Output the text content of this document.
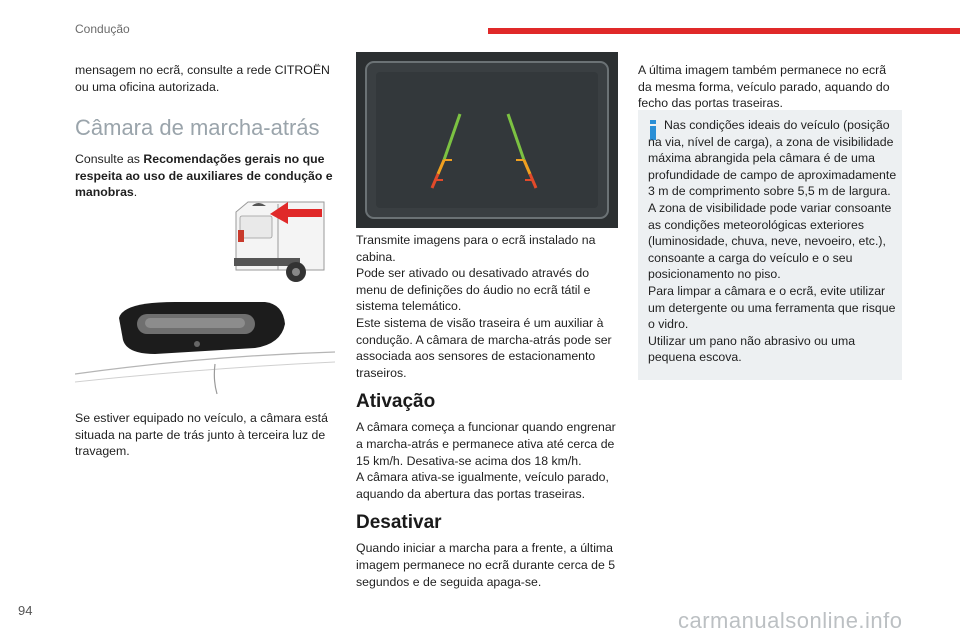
Condução

mensagem no ecrã, consulte a rede CITROËN ou uma oficina autorizada.

Câmara de marcha-atrás

Consulte as Recomendações gerais no que respeita ao uso de auxiliares de condução e manobras.

Se estiver equipado no veículo, a câmara está situada na parte de trás junto à terceira luz de travagem.

Transmite imagens para o ecrã instalado na cabina.

Pode ser ativado ou desativado através do menu de definições do áudio no ecrã tátil e sistema telemático.

Este sistema de visão traseira é um auxiliar à condução. A câmara de marcha-atrás pode ser associada aos sensores de estacionamento traseiros.

Ativação

A câmara começa a funcionar quando engrenar a marcha-atrás e permanece ativa até cerca de 15 km/h. Desativa-se acima dos 18 km/h.

A câmara ativa-se igualmente, veículo parado, aquando da abertura das portas traseiras.

Desativar

Quando iniciar a marcha para a frente, a última imagem permanece no ecrã durante cerca de 5 segundos e de seguida apaga-se.

A última imagem também permanece no ecrã da mesma forma, veículo parado, aquando do fecho das portas traseiras.

Nas condições ideais do veículo (posição na via, nível de carga), a zona de visibilidade máxima abrangida pela câmara é de uma profundidade de campo de aproximadamente 3 m de comprimento sobre 5,5 m de largura.

A zona de visibilidade pode variar consoante as condições meteorológicas exteriores (luminosidade, chuva, neve, nevoeiro, etc.), consoante a carga do veículo e o seu posicionamento no piso.

Para limpar a câmara e o ecrã, evite utilizar um detergente ou uma ferramenta que risque o vidro.

Utilizar um pano não abrasivo ou uma pequena escova.

94	carmanualsonline.info
